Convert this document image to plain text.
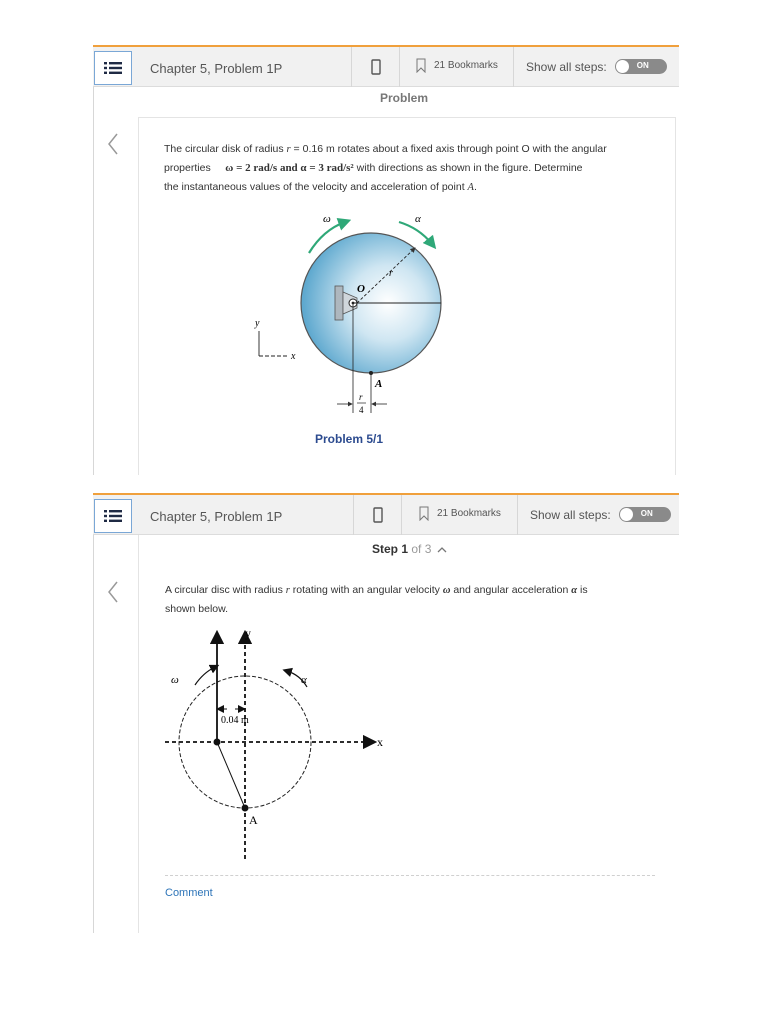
Chapter 5, Problem 1P	21 Bookmarks Show all steps:	ON
Problem
The circular disk of radius r = 0.16 m rotates about a fixed axis through point O with the angular
properties ω = 2 rad/s and α = 3 rad/s² with directions as shown in the figure. Determine
the instantaneous values of the velocity and acceleration of point A.
ω	α
O
r
A
r
4
y
x
Problem 5/1
Chapter 5, Problem 1P	21 Bookmarks Show all steps:	ON
Step 1 of 3
A circular disc with radius r rotating with an angular velocity ω and angular acceleration α is
shown below.
y
x
0.04 m
A
ω	α
Comment
